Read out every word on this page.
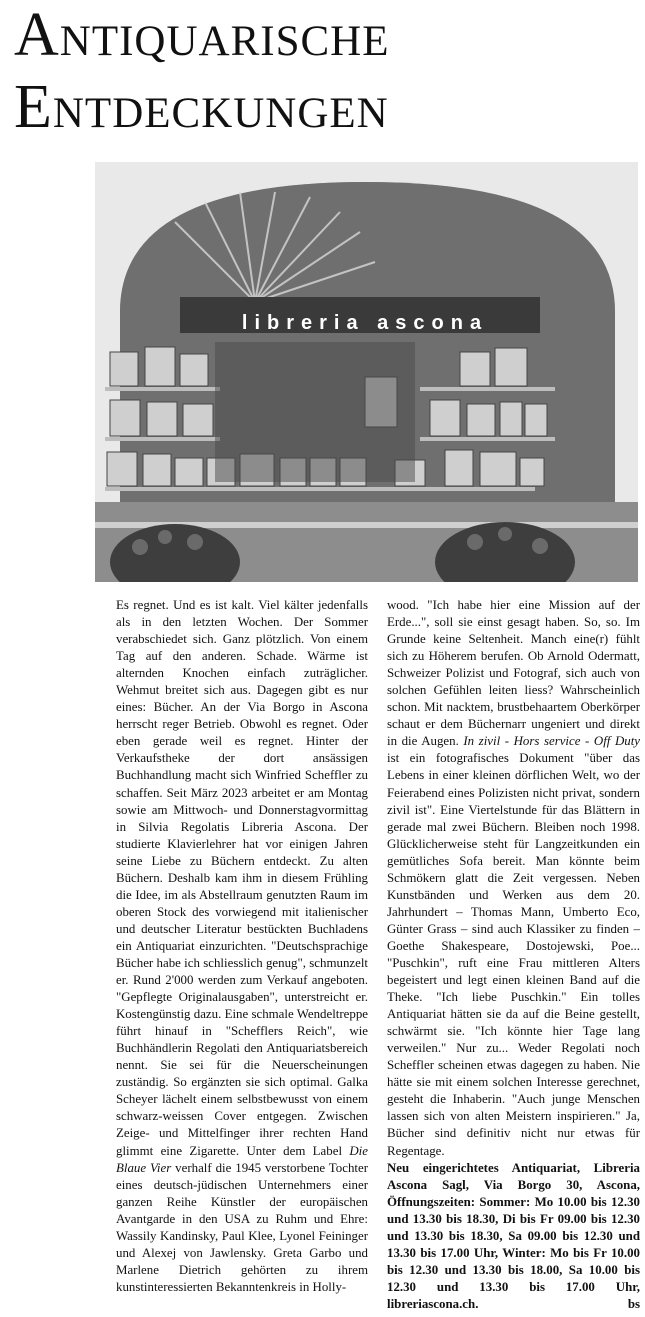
Antiquarische
Entdeckungen
libreria ascona

Es regnet. Und es ist kalt. Viel kälter jedenfalls als in den letzten Wochen. Der Sommer verabschiedet sich. Ganz plötzlich. Von einem Tag auf den anderen. Schade. Wärme ist alternden Knochen einfach zuträglicher. Wehmut breitet sich aus. Dagegen gibt es nur eines: Bücher. An der Via Borgo in Ascona herrscht reger Betrieb. Obwohl es regnet. Oder eben gerade weil es regnet. Hinter der Verkaufstheke der dort ansässigen Buchhandlung macht sich Winfried Scheffler zu schaffen. Seit März 2023 arbeitet er am Montag sowie am Mittwoch- und Donnerstagvormittag in Silvia Regolatis Libreria Ascona. Der studierte Klavierlehrer hat vor einigen Jahren seine Liebe zu Büchern entdeckt. Zu alten Büchern. Deshalb kam ihm in diesem Frühling die Idee, im als Abstellraum genutzten Raum im oberen Stock des vorwiegend mit italienischer und deutscher Literatur bestückten Buchladens ein Antiquariat einzurichten. "Deutschsprachige Bücher habe ich schliesslich genug", schmunzelt er. Rund 2'000 werden zum Verkauf angeboten. "Gepflegte Originalausgaben", unterstreicht er. Kostengünstig dazu. Eine schmale Wendeltreppe führt hinauf in "Schefflers Reich", wie Buchhändlerin Regolati den Antiquariatsbereich nennt. Sie sei für die Neuerscheinungen zuständig. So ergänzten sie sich optimal. Galka Scheyer lächelt einem selbstbewusst von einem schwarz-weissen Cover entgegen. Zwischen Zeige- und Mittelfinger ihrer rechten Hand glimmt eine Zigarette. Unter dem Label Die Blaue Vier verhalf die 1945 verstorbene Tochter eines deutsch-jüdischen Unternehmers einer ganzen Reihe Künstler der europäischen Avantgarde in den USA zu Ruhm und Ehre: Wassily Kandinsky, Paul Klee, Lyonel Feininger und Alexej von Jawlensky. Greta Garbo und Marlene Dietrich gehörten zu ihrem kunstinteressierten Bekanntenkreis in Holly-

wood. "Ich habe hier eine Mission auf der Erde...", soll sie einst gesagt haben. So, so. Im Grunde keine Seltenheit. Manch eine(r) fühlt sich zu Höherem berufen. Ob Arnold Odermatt, Schweizer Polizist und Fotograf, sich auch von solchen Gefühlen leiten liess? Wahrscheinlich schon. Mit nacktem, brustbehaartem Oberkörper schaut er dem Büchernarr ungeniert und direkt in die Augen. In zivil - Hors service - Off Duty ist ein fotografisches Dokument "über das Lebens in einer kleinen dörflichen Welt, wo der Feierabend eines Polizisten nicht privat, sondern zivil ist". Eine Viertelstunde für das Blättern in gerade mal zwei Büchern. Bleiben noch 1998. Glücklicherweise steht für Langzeitkunden ein gemütliches Sofa bereit. Man könnte beim Schmökern glatt die Zeit vergessen. Neben Kunstbänden und Werken aus dem 20. Jahrhundert – Thomas Mann, Umberto Eco, Günter Grass – sind auch Klassiker zu finden – Goethe Shakespeare, Dostojewski, Poe... "Puschkin", ruft eine Frau mittleren Alters begeistert und legt einen kleinen Band auf die Theke. "Ich liebe Puschkin." Ein tolles Antiquariat hätten sie da auf die Beine gestellt, schwärmt sie. "Ich könnte hier Tage lang verweilen." Nur zu... Weder Regolati noch Scheffler scheinen etwas dagegen zu haben. Nie hätte sie mit einem solchen Interesse gerechnet, gesteht die Inhaberin. "Auch junge Menschen lassen sich von alten Meistern inspirieren." Ja, Bücher sind definitiv nicht nur etwas für Regentage.

Neu eingerichtetes Antiquariat, Libreria Ascona Sagl, Via Borgo 30, Ascona, Öffnungszeiten: Sommer: Mo 10.00 bis 12.30 und 13.30 bis 18.30, Di bis Fr 09.00 bis 12.30 und 13.30 bis 18.30, Sa 09.00 bis 12.30 und 13.30 bis 17.00 Uhr, Winter: Mo bis Fr 10.00 bis 12.30 und 13.30 bis 18.00, Sa 10.00 bis 12.30 und 13.30 bis 17.00 Uhr, libreriascona.ch.	bs
